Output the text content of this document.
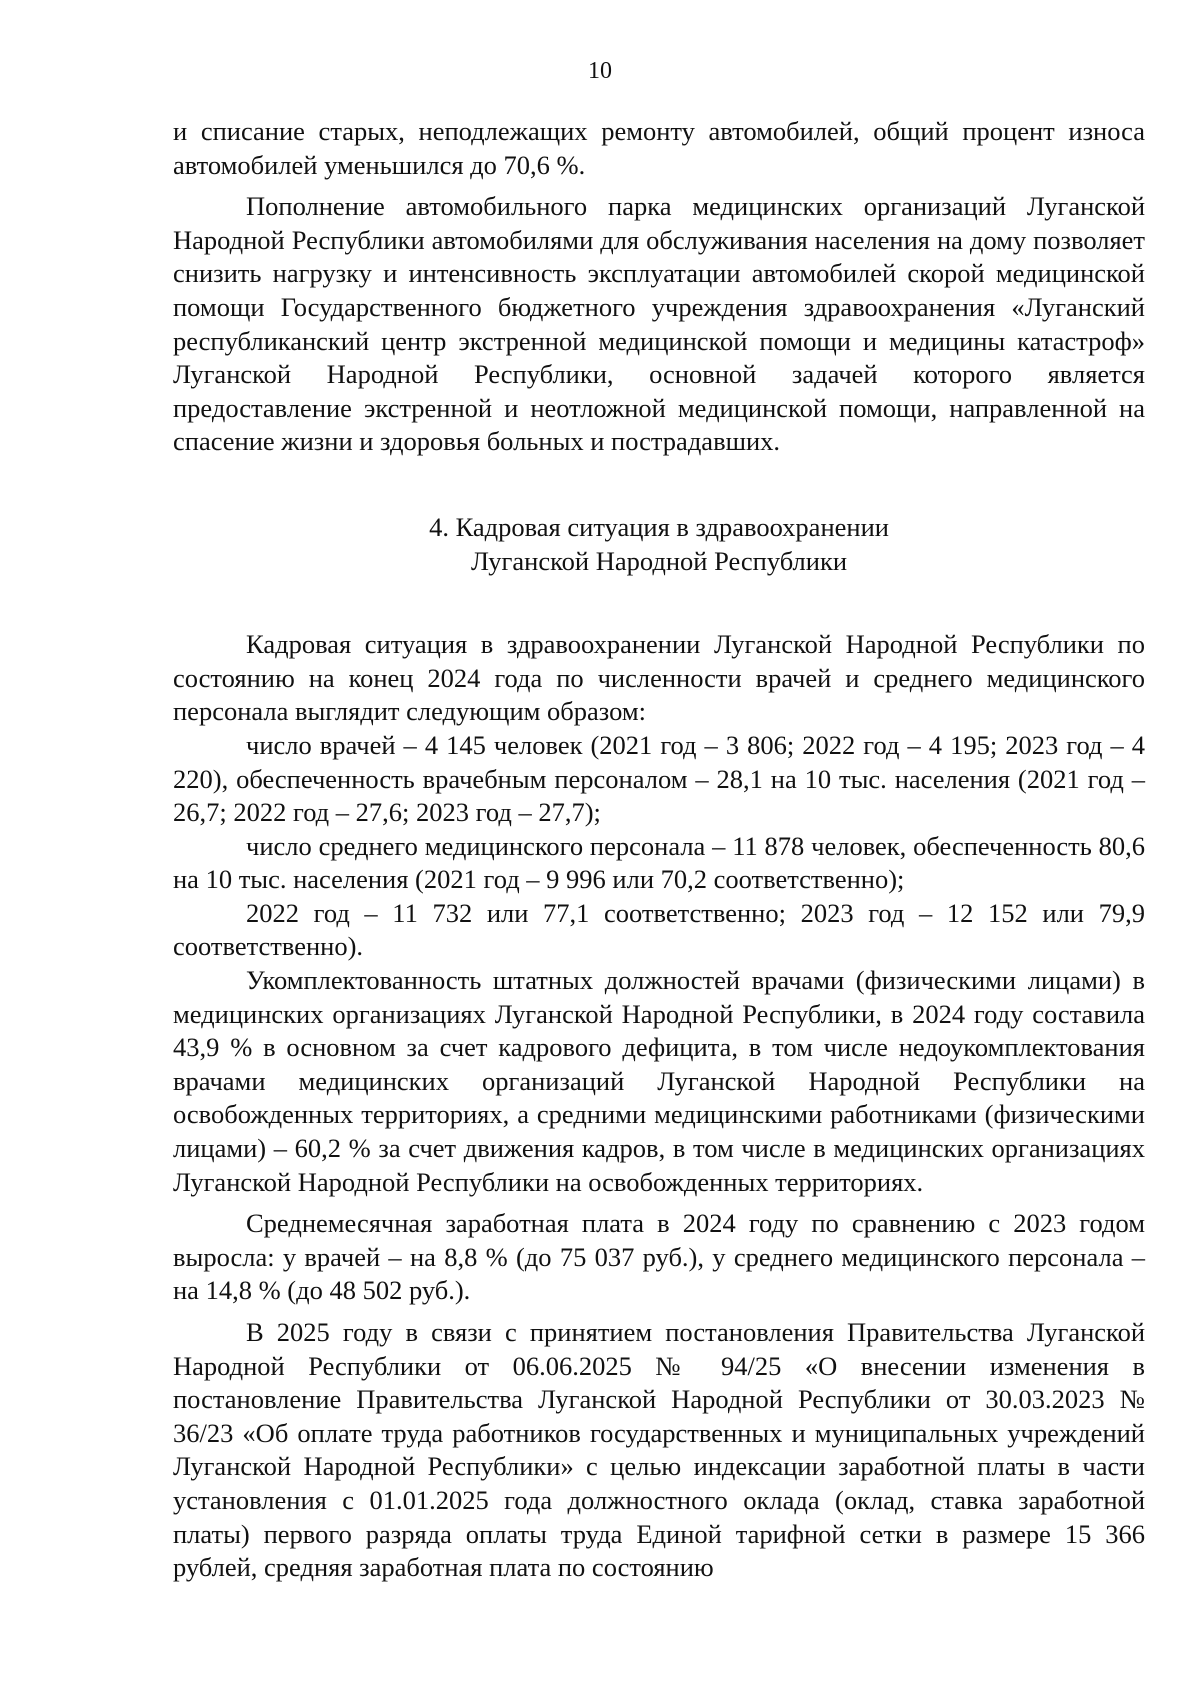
10

и списание старых, неподлежащих ремонту автомобилей, общий процент износа автомобилей уменьшился до 70,6 %.

Пополнение автомобильного парка медицинских организаций Луганской Народной Республики автомобилями для обслуживания населения на дому позволяет снизить нагрузку и интенсивность эксплуатации автомобилей скорой медицинской помощи Государственного бюджетного учреждения здравоохранения «Луганский республиканский центр экстренной медицинской помощи и медицины катастроф» Луганской Народной Республики, основной задачей которого является предоставление экстренной и неотложной медицинской помощи, направленной на спасение жизни и здоровья больных и пострадавших.

4. Кадровая ситуация в здравоохранении
Луганской Народной Республики

Кадровая ситуация в здравоохранении Луганской Народной Республики по состоянию на конец 2024 года по численности врачей и среднего медицинского персонала выглядит следующим образом:

число врачей – 4 145 человек (2021 год – 3 806; 2022 год – 4 195; 2023 год – 4 220), обеспеченность врачебным персоналом – 28,1 на 10 тыс. населения (2021 год – 26,7; 2022 год – 27,6; 2023 год – 27,7);

число среднего медицинского персонала – 11 878 человек, обеспеченность 80,6 на 10 тыс. населения (2021 год – 9 996 или 70,2 соответственно);

2022 год – 11 732 или 77,1 соответственно; 2023 год – 12 152 или 79,9 соответственно).

Укомплектованность штатных должностей врачами (физическими лицами) в медицинских организациях Луганской Народной Республики, в 2024 году составила 43,9 % в основном за счет кадрового дефицита, в том числе недоукомплектования врачами медицинских организаций Луганской Народной Республики на освобожденных территориях, а средними медицинскими работниками (физическими лицами) – 60,2 % за счет движения кадров, в том числе в медицинских организациях Луганской Народной Республики на освобожденных территориях.

Среднемесячная заработная плата в 2024 году по сравнению с 2023 годом выросла: у врачей – на 8,8 % (до 75 037 руб.), у среднего медицинского персонала – на 14,8 % (до 48 502 руб.).

В 2025 году в связи с принятием постановления Правительства Луганской Народной Республики от 06.06.2025 № 94/25 «О внесении изменения в постановление Правительства Луганской Народной Республики от 30.03.2023 № 36/23 «Об оплате труда работников государственных и муниципальных учреждений Луганской Народной Республики» с целью индексации заработной платы в части установления с 01.01.2025 года должностного оклада (оклад, ставка заработной платы) первого разряда оплаты труда Единой тарифной сетки в размере 15 366 рублей, средняя заработная плата по состоянию
